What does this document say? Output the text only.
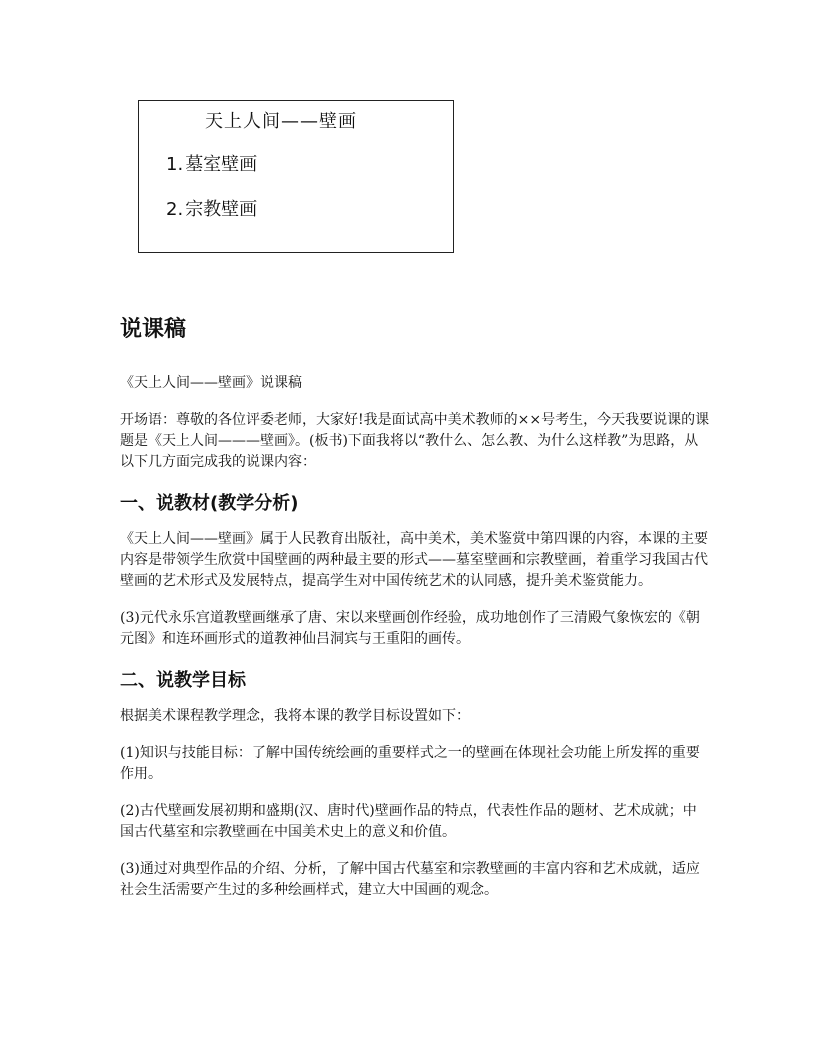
天上人间——壁画
1. 墓室壁画
2. 宗教壁画
说课稿

《天上人间——壁画》说课稿

开场语：尊敬的各位评委老师，大家好!我是面试高中美术教师的××号考生，今天我要说课的课题是《天上人间———壁画》。(板书)下面我将以“教什么、怎么教、为什么这样教”为思路，从以下几方面完成我的说课内容：

一、说教材(教学分析)

《天上人间——壁画》属于人民教育出版社，高中美术，美术鉴赏中第四课的内容，本课的主要内容是带领学生欣赏中国壁画的两种最主要的形式——墓室壁画和宗教壁画，着重学习我国古代壁画的艺术形式及发展特点，提高学生对中国传统艺术的认同感，提升美术鉴赏能力。

(3)元代永乐宫道教壁画继承了唐、宋以来壁画创作经验，成功地创作了三清殿气象恢宏的《朝元图》和连环画形式的道教神仙吕洞宾与王重阳的画传。

二、说教学目标

根据美术课程教学理念，我将本课的教学目标设置如下：

(1)知识与技能目标：了解中国传统绘画的重要样式之一的壁画在体现社会功能上所发挥的重要作用。

(2)古代壁画发展初期和盛期(汉、唐时代)壁画作品的特点，代表性作品的题材、艺术成就；中国古代墓室和宗教壁画在中国美术史上的意义和价值。

(3)通过对典型作品的介绍、分析，了解中国古代墓室和宗教壁画的丰富内容和艺术成就，适应社会生活需要产生过的多种绘画样式，建立大中国画的观念。
